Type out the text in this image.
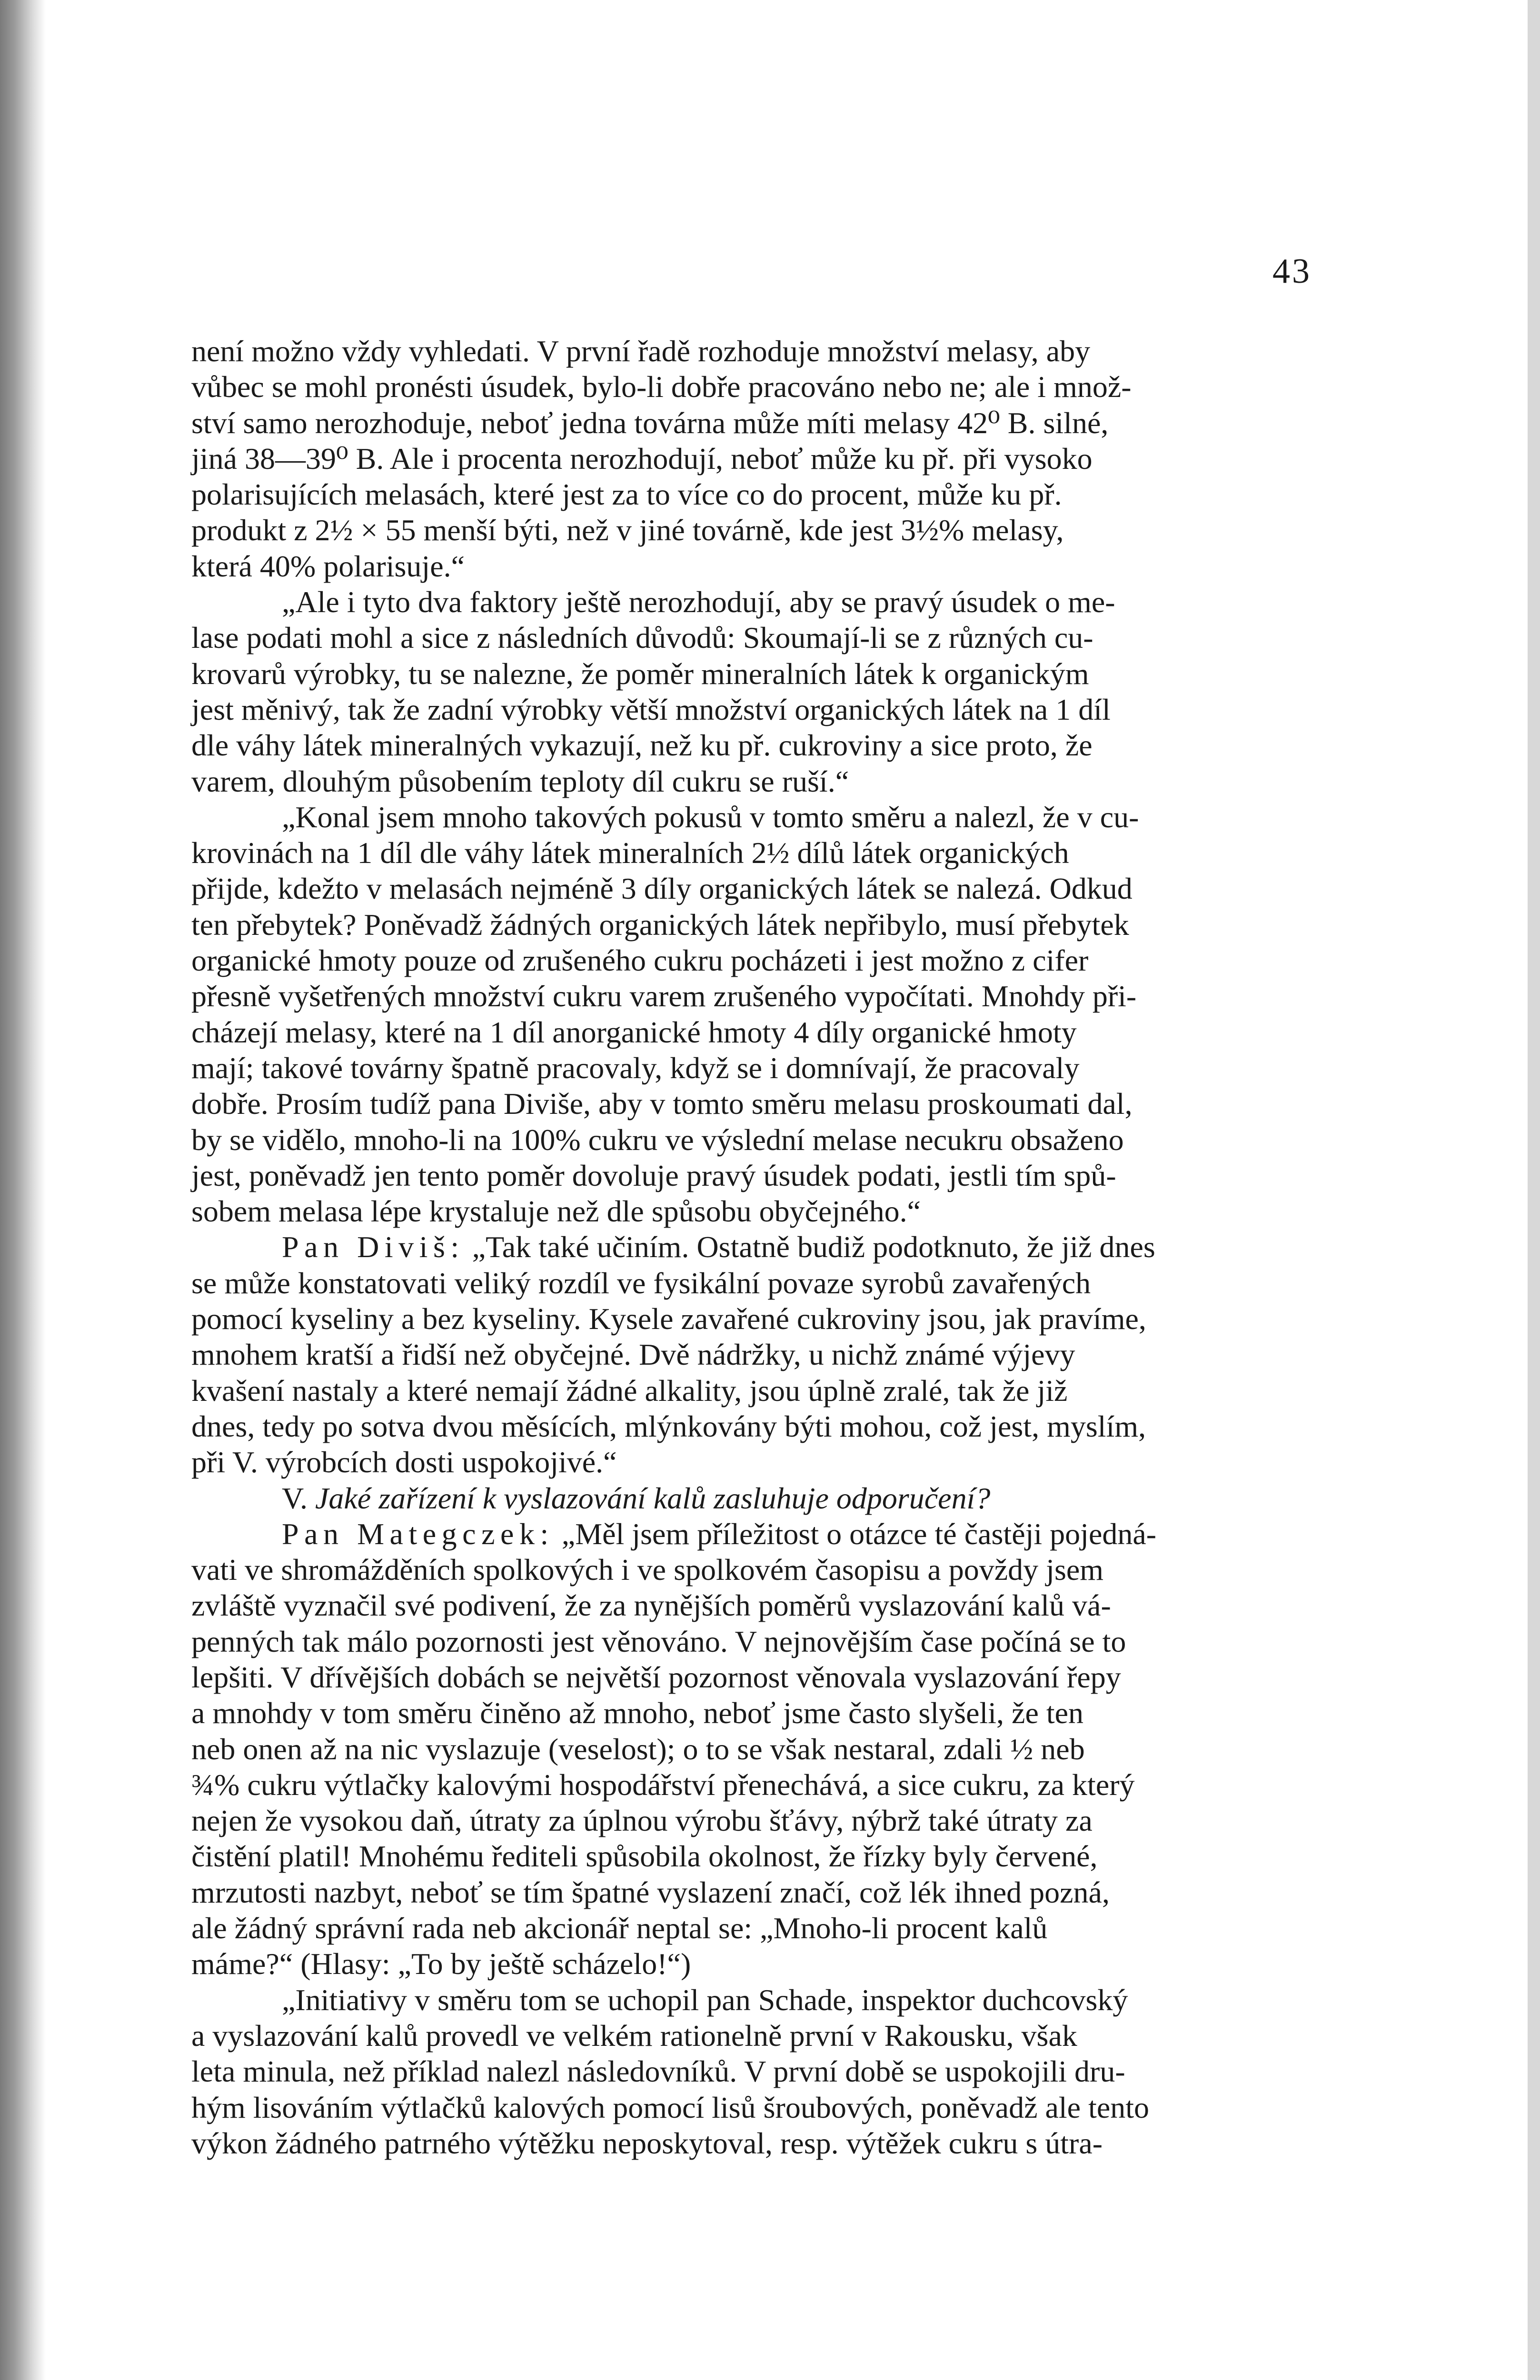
43

není možno vždy vyhledati. V první řadě rozhoduje množství melasy, aby
vůbec se mohl pronésti úsudek, bylo-li dobře pracováno nebo ne; ale i množ-
ství samo nerozhoduje, neboť jedna továrna může míti melasy 42⁰ B. silné,
jiná 38—39⁰ B. Ale i procenta nerozhodují, neboť může ku př. při vysoko
polarisujících melasách, které jest za to více co do procent, může ku př.
produkt z 2½ × 55 menší býti, než v jiné továrně, kde jest 3½% melasy,
která 40% polarisuje.“

„Ale i tyto dva faktory ještě nerozhodují, aby se pravý úsudek o me-
lase podati mohl a sice z následních důvodů: Skoumají-li se z různých cu-
krovarů výrobky, tu se nalezne, že poměr mineralních látek k organickým
jest měnivý, tak že zadní výrobky větší množství organických látek na 1 díl
dle váhy látek mineralných vykazují, než ku př. cukroviny a sice proto, že
varem, dlouhým působením teploty díl cukru se ruší.“

„Konal jsem mnoho takových pokusů v tomto směru a nalezl, že v cu-
krovinách na 1 díl dle váhy látek mineralních 2½ dílů látek organických
přijde, kdežto v melasách nejméně 3 díly organických látek se nalezá. Odkud
ten přebytek? Poněvadž žádných organických látek nepřibylo, musí přebytek
organické hmoty pouze od zrušeného cukru pocházeti i jest možno z cifer
přesně vyšetřených množství cukru varem zrušeného vypočítati. Mnohdy při-
cházejí melasy, které na 1 díl anorganické hmoty 4 díly organické hmoty
mají; takové továrny špatně pracovaly, když se i domnívají, že pracovaly
dobře. Prosím tudíž pana Diviše, aby v tomto směru melasu proskoumati dal,
by se vidělo, mnoho-li na 100% cukru ve výslední melase necukru obsaženo
jest, poněvadž jen tento poměr dovoluje pravý úsudek podati, jestli tím spů-
sobem melasa lépe krystaluje než dle spůsobu obyčejného.“

Pan Diviš: „Tak také učiním. Ostatně budiž podotknuto, že již dnes
se může konstatovati veliký rozdíl ve fysikální povaze syrobů zavařených
pomocí kyseliny a bez kyseliny. Kysele zavařené cukroviny jsou, jak pravíme,
mnohem kratší a řidší než obyčejné. Dvě nádržky, u nichž známé výjevy
kvašení nastaly a které nemají žádné alkality, jsou úplně zralé, tak že již
dnes, tedy po sotva dvou měsících, mlýnkovány býti mohou, což jest, myslím,
při V. výrobcích dosti uspokojivé.“

V. Jaké zařízení k vyslazování kalů zasluhuje odporučení?

Pan Mategczek: „Měl jsem příležitost o otázce té častěji pojedná-
vati ve shromážděních spolkových i ve spolkovém časopisu a povždy jsem
zvláště vyznačil své podivení, že za nynějších poměrů vyslazování kalů vá-
penných tak málo pozornosti jest věnováno. V nejnovějším čase počíná se to
lepšiti. V dřívějších dobách se největší pozornost věnovala vyslazování řepy
a mnohdy v tom směru činěno až mnoho, neboť jsme často slyšeli, že ten
neb onen až na nic vyslazuje (veselost); o to se však nestaral, zdali ½ neb
¾% cukru výtlačky kalovými hospodářství přenechává, a sice cukru, za který
nejen že vysokou daň, útraty za úplnou výrobu šťávy, nýbrž také útraty za
čistění platil! Mnohému řediteli spůsobila okolnost, že řízky byly červené,
mrzutosti nazbyt, neboť se tím špatné vyslazení značí, což lék ihned pozná,
ale žádný správní rada neb akcionář neptal se: „Mnoho-li procent kalů
máme?“ (Hlasy: „To by ještě scházelo!“)

„Initiativy v směru tom se uchopil pan Schade, inspektor duchcovský
a vyslazování kalů provedl ve velkém rationelně první v Rakousku, však
leta minula, než příklad nalezl následovníků. V první době se uspokojili dru-
hým lisováním výtlačků kalových pomocí lisů šroubových, poněvadž ale tento
výkon žádného patrného výtěžku neposkytoval, resp. výtěžek cukru s útra-
